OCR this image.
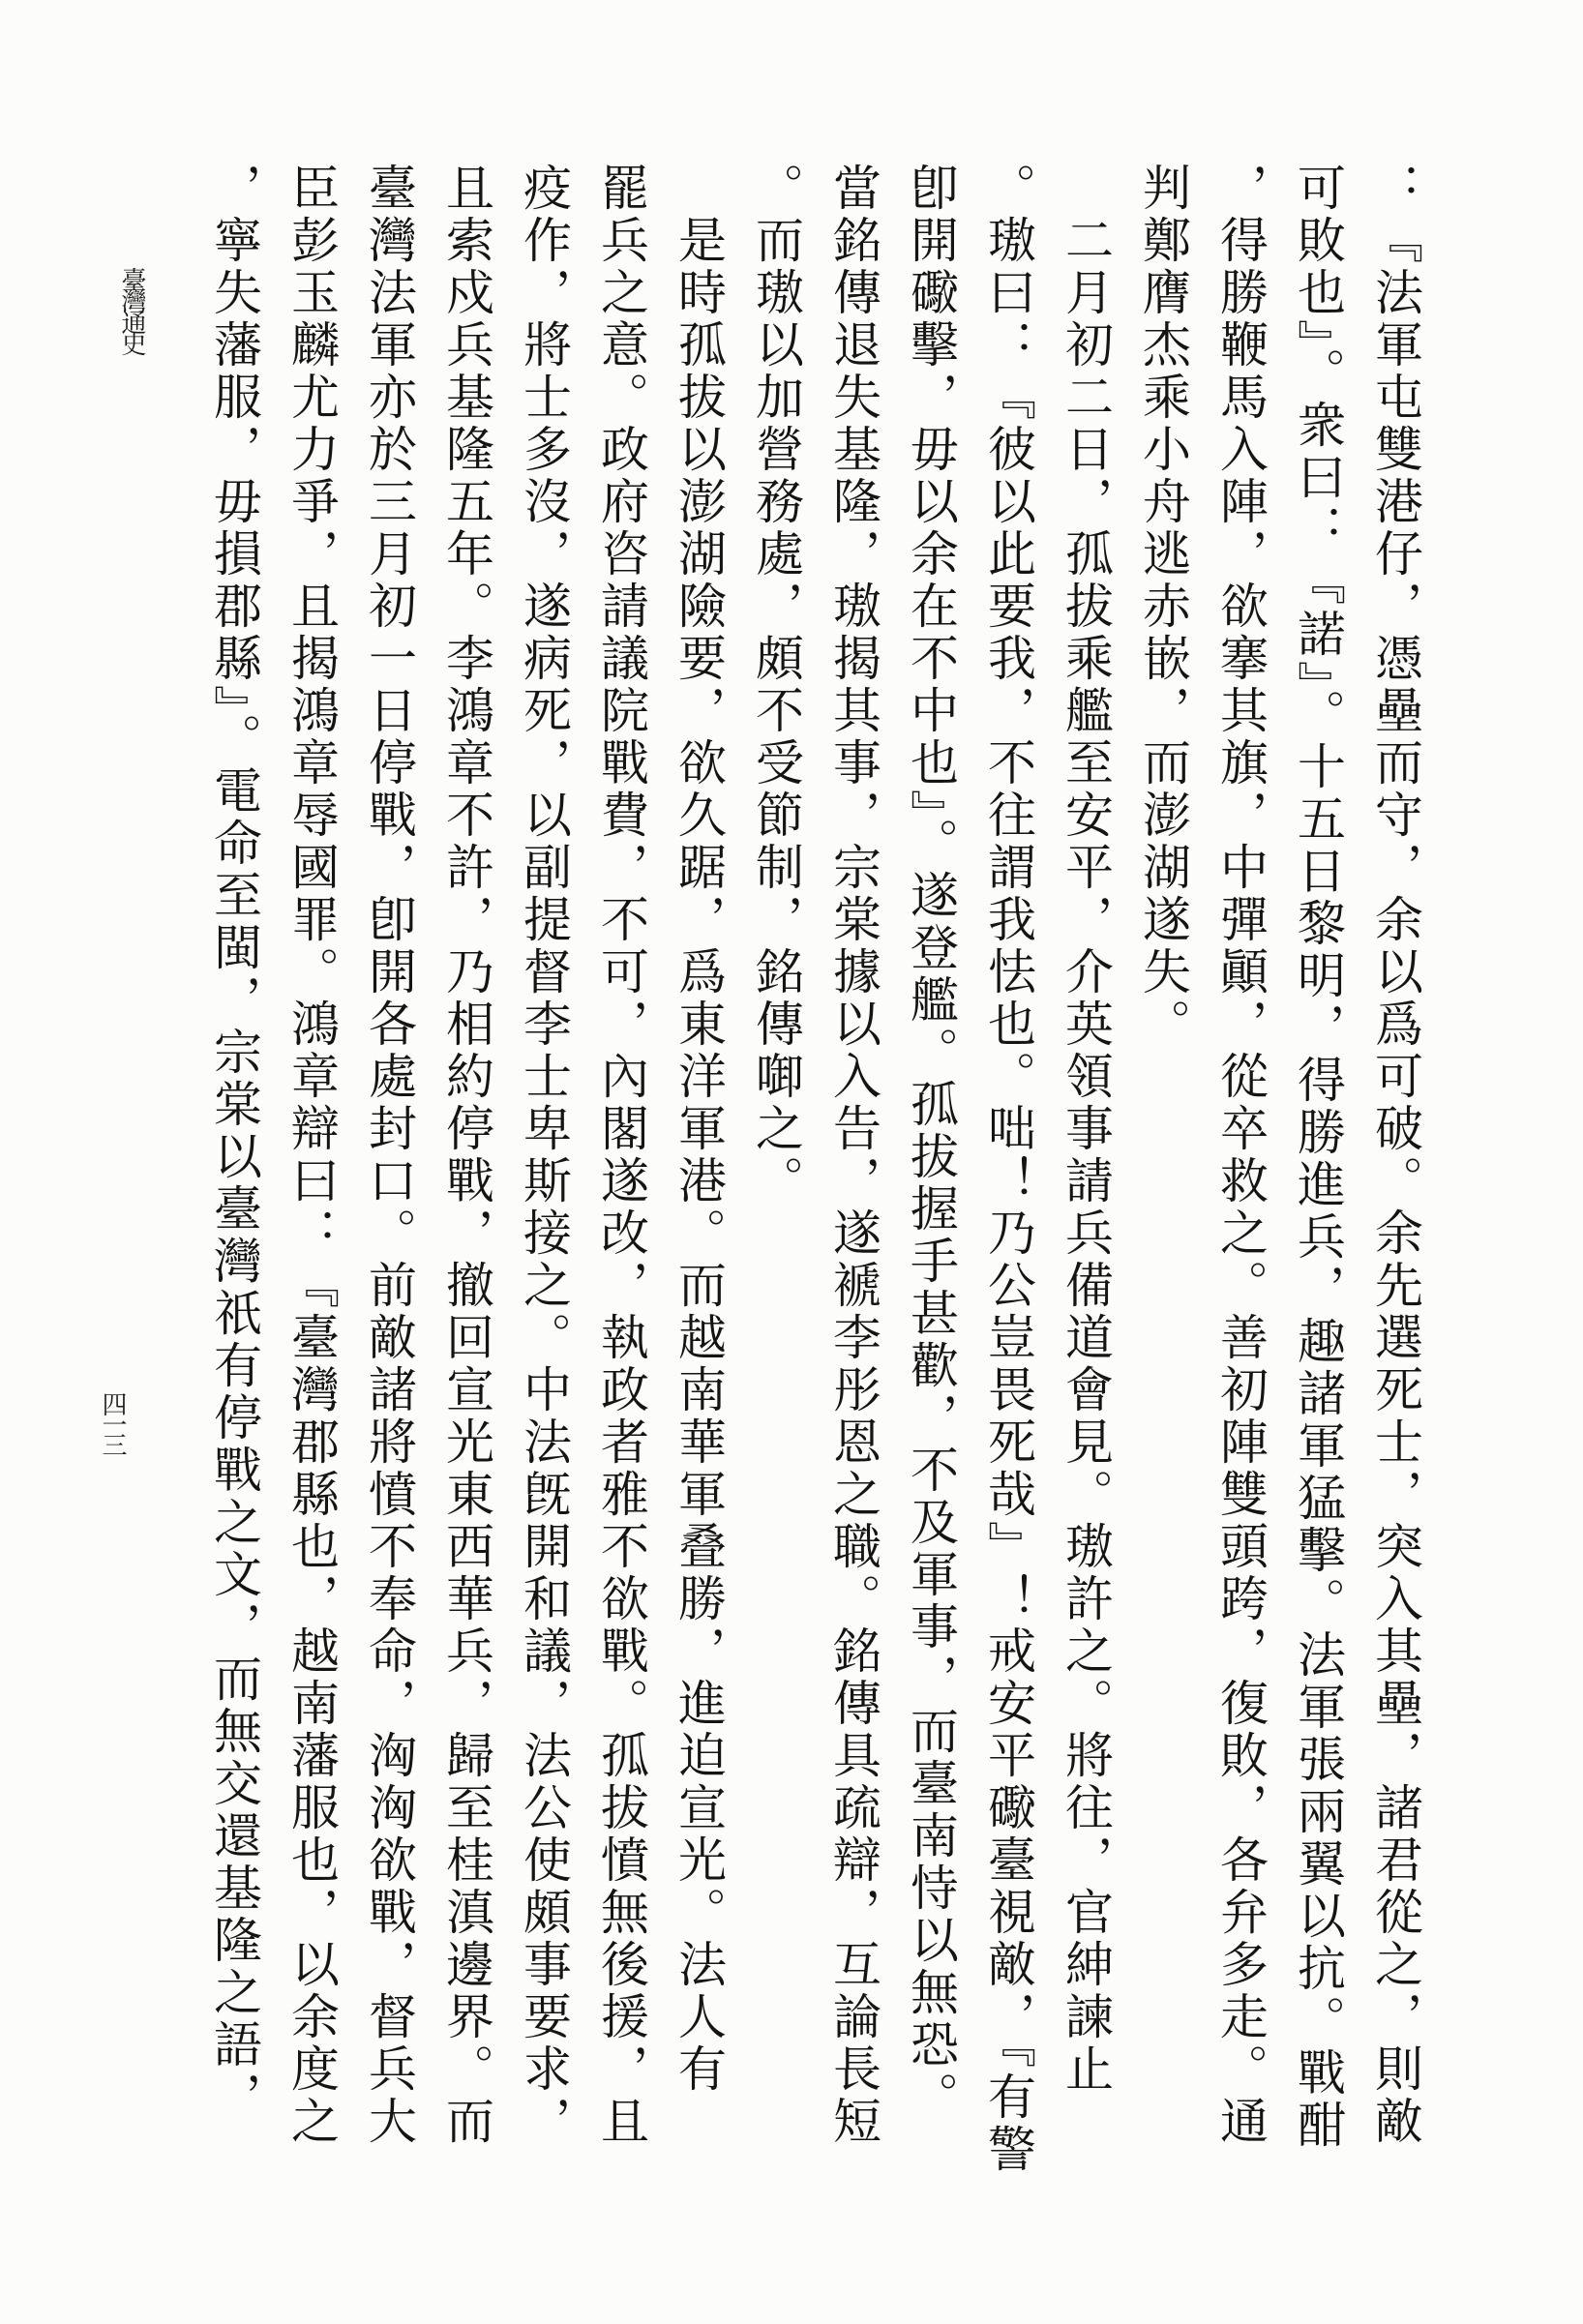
：『法軍屯雙港仔，憑壘而守，余以爲可破。余先選死士，突入其壘，諸君從之，則敵
可敗也』。衆曰：『諾』。十五日黎明，得勝進兵，趣諸軍猛擊。法軍張兩翼以抗。戰酣
，得勝鞭馬入陣，欲搴其旗，中彈顚，從卒救之。善初陣雙頭跨，復敗，各弁多走。通
判鄭膺杰乘小舟逃赤嵌，而澎湖遂失。
二月初二日，孤拔乘艦至安平，介英領事請兵備道會見。璈許之。將往，官紳諫止
。璈曰：『彼以此要我，不往謂我怯也。咄！乃公豈畏死哉』！戒安平礮臺視敵，『有警
卽開礮擊，毋以余在不中也』。遂登艦。孤拔握手甚歡，不及軍事，而臺南恃以無恐。
當銘傳退失基隆，璈揭其事，宗棠據以入告，遂褫李彤恩之職。銘傳具疏辯，互論長短
。而璈以加營務處，頗不受節制，銘傳啣之。
是時孤拔以澎湖險要，欲久踞，爲東洋軍港。而越南華軍叠勝，進迫宣光。法人有
罷兵之意。政府咨請議院戰費，不可，內閣遂改，執政者雅不欲戰。孤拔憤無後援，且
疫作，將士多沒，遂病死，以副提督李士卑斯接之。中法旣開和議，法公使頗事要求，
且索戍兵基隆五年。李鴻章不許，乃相約停戰，撤回宣光東西華兵，歸至桂滇邊界。而
臺灣法軍亦於三月初一日停戰，卽開各處封口。前敵諸將憤不奉命，洶洶欲戰，督兵大
臣彭玉麟尤力爭，且揭鴻章辱國罪。鴻章辯曰：『臺灣郡縣也，越南藩服也，以余度之
，寧失藩服，毋損郡縣』。電命至閩，宗棠以臺灣祇有停戰之文，而無交還基隆之語，
臺灣通史
四一三
